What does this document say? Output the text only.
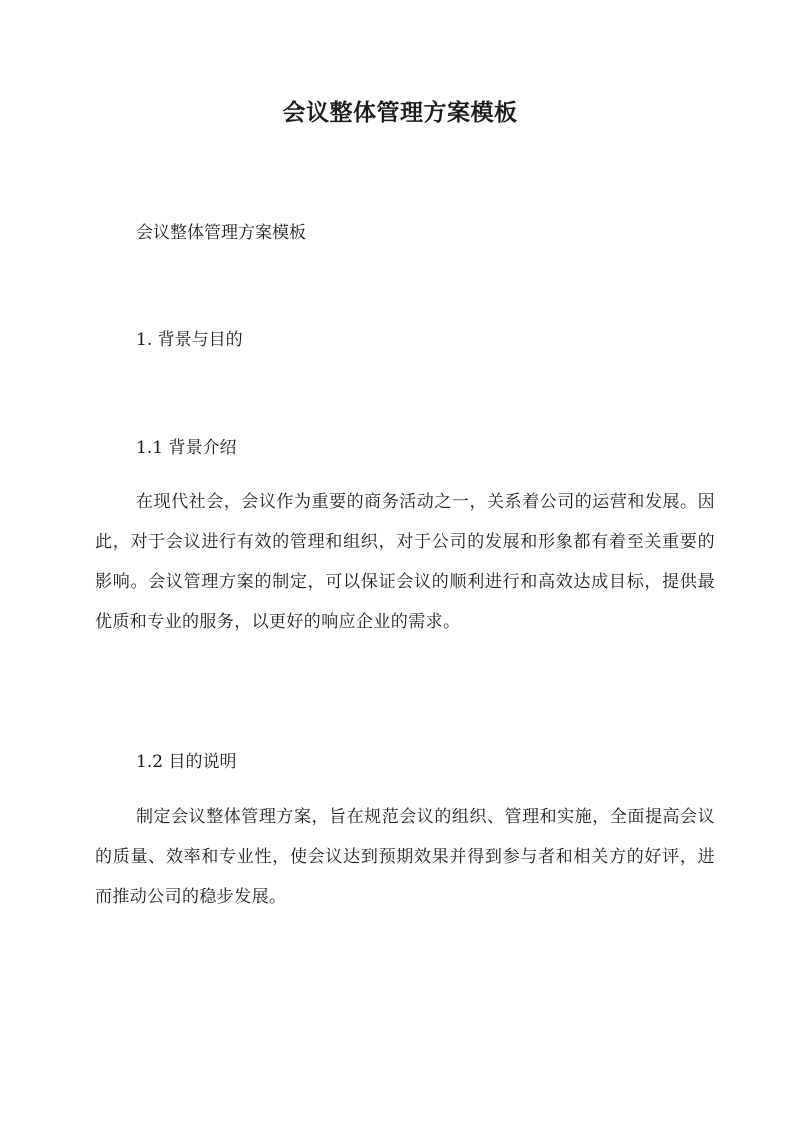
会议整体管理方案模板

会议整体管理方案模板

1. 背景与目的

1.1 背景介绍

在现代社会，会议作为重要的商务活动之一，关系着公司的运营和发展。因此，对于会议进行有效的管理和组织，对于公司的发展和形象都有着至关重要的影响。会议管理方案的制定，可以保证会议的顺利进行和高效达成目标，提供最优质和专业的服务，以更好的响应企业的需求。

1.2 目的说明

制定会议整体管理方案，旨在规范会议的组织、管理和实施，全面提高会议的质量、效率和专业性，使会议达到预期效果并得到参与者和相关方的好评，进而推动公司的稳步发展。
